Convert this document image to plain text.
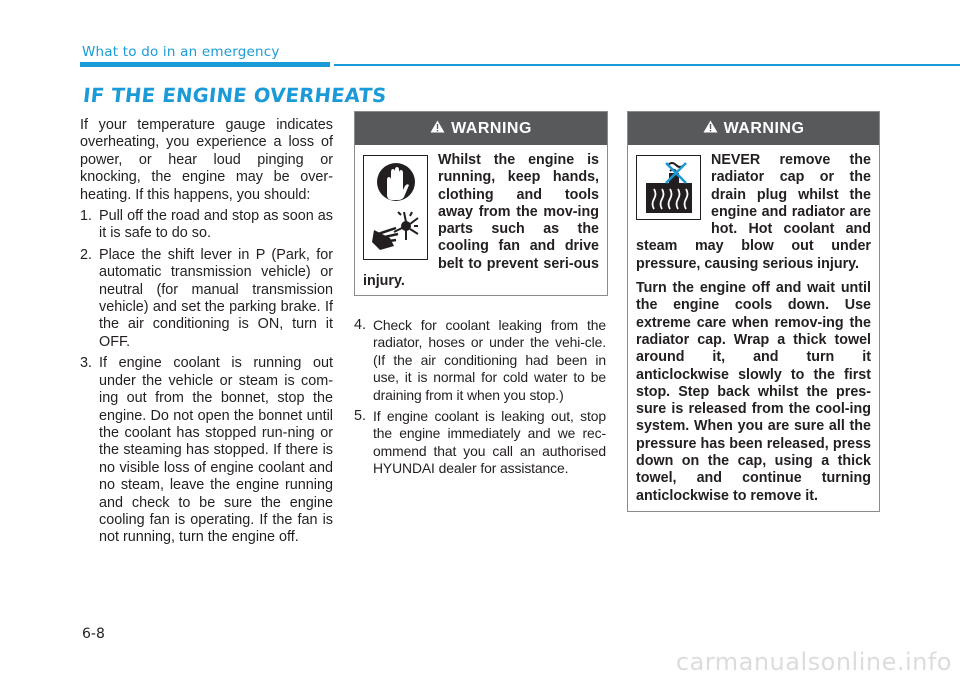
What to do in an emergency
IF THE ENGINE OVERHEATS

If your temperature gauge indicates overheating, you experience a loss of power, or hear loud pinging or knocking, the engine may be over-heating. If this happens, you should:

1. Pull off the road and stop as soon as it is safe to do so.
2. Place the shift lever in P (Park, for automatic transmission vehicle) or neutral (for manual transmission vehicle) and set the parking brake. If the air conditioning is ON, turn it OFF.
3. If engine coolant is running out under the vehicle or steam is com-ing out from the bonnet, stop the engine. Do not open the bonnet until the coolant has stopped run-ning or the steaming has stopped. If there is no visible loss of engine coolant and no steam, leave the engine running and check to be sure the engine cooling fan is operating. If the fan is not running, turn the engine off.
WARNING
Whilst the engine is running, keep hands, clothing and tools away from the mov-ing parts such as the cooling fan and drive belt to prevent seri-ous injury.
4. Check for coolant leaking from the radiator, hoses or under the vehi-cle. (If the air conditioning had been in use, it is normal for cold water to be draining from it when you stop.)
5. If engine coolant is leaking out, stop the engine immediately and we rec-ommend that you call an authorised HYUNDAI dealer for assistance.
WARNING

NEVER remove the radiator cap or the drain plug whilst the engine and radiator are hot. Hot coolant and steam may blow out under pressure, causing serious injury.

Turn the engine off and wait until the engine cools down. Use extreme care when remov-ing the radiator cap. Wrap a thick towel around it, and turn it anticlockwise slowly to the first stop. Step back whilst the pres-sure is released from the cool-ing system. When you are sure all the pressure has been released, press down on the cap, using a thick towel, and continue turning anticlockwise to remove it.

6-8
carmanualsonline.info
